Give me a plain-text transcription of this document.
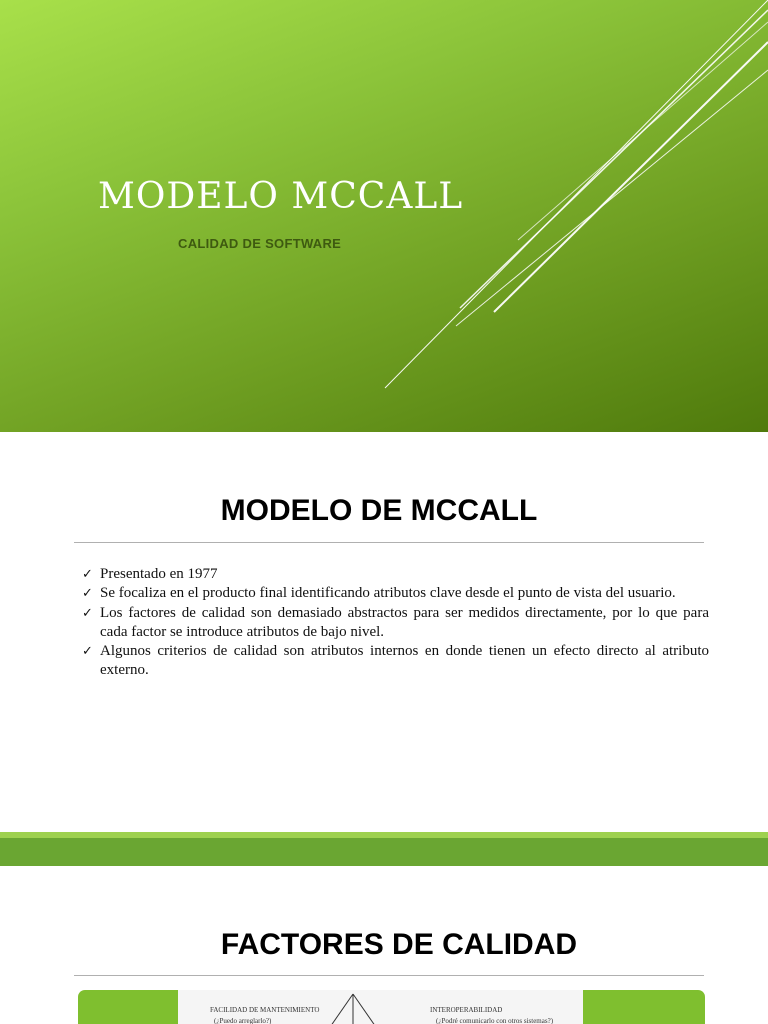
MODELO MCCALL
CALIDAD DE SOFTWARE
MODELO DE MCCALL
✓ Presentado en 1977
✓ Se focaliza en el producto final identificando atributos clave desde el punto de vista del usuario.
✓ Los factores de calidad son demasiado abstractos para ser medidos directamente, por lo que para cada factor se introduce atributos de bajo nivel.
✓ Algunos criterios de calidad son atributos internos en donde tienen un efecto directo al atributo externo.
FACTORES DE CALIDAD
FACILIDAD DE MANTENIMIENTO
(¿Puedo arreglarlo?)
INTEROPERABILIDAD
(¿Podré comunicarlo con otros sistemas?)
